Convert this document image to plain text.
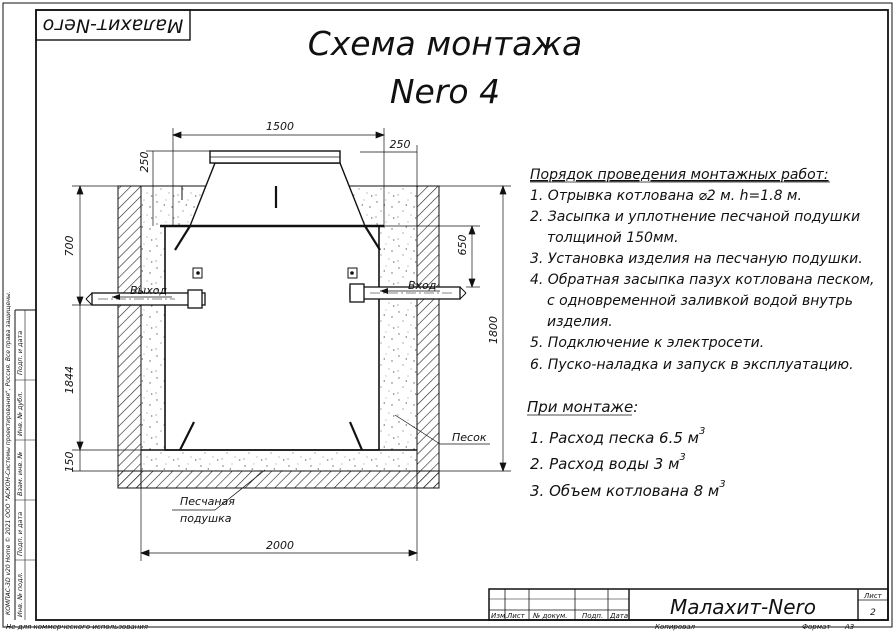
Малахит-Nего	Схема монтажа
Nero 4
Выход	Вход
1500
250
250
700
1844
150
650
1800
2000
Песок
Песчаная
подушка
Порядок проведения монтажных работ:
1. Отрывка котлована ⌀2 м. h=1.8 м.
2. Засыпка и уплотнение песчаной подушки
толщиной 150мм.
3. Установка изделия на песчаную подушки.
4. Обратная засыпка пазух котлована песком,
с одновременной заливкой водой внутрь
изделия.
5. Подключение к электросети.
6. Пуско-наладка и запуск в эксплуатацию.
При монтаже:
1. Расход песка 6.5 $м^3$
2. Расход воды 3 $м^3$
3. Объем котлована 8 $м^3$
КОМПАС-3D v20 Home © 2021 ООО "АСКОН-Системы проектирования", Россия. Все права защищены. Подп. и дата
Инв. № дубл.
Взам. инв. №
Подп. и дата
Инв. № подл.	Изм. Лист № докум. Подп. Дата Малахит-Nero	Лист
2
Не для коммерческого использования	Копировал	Формат A3
